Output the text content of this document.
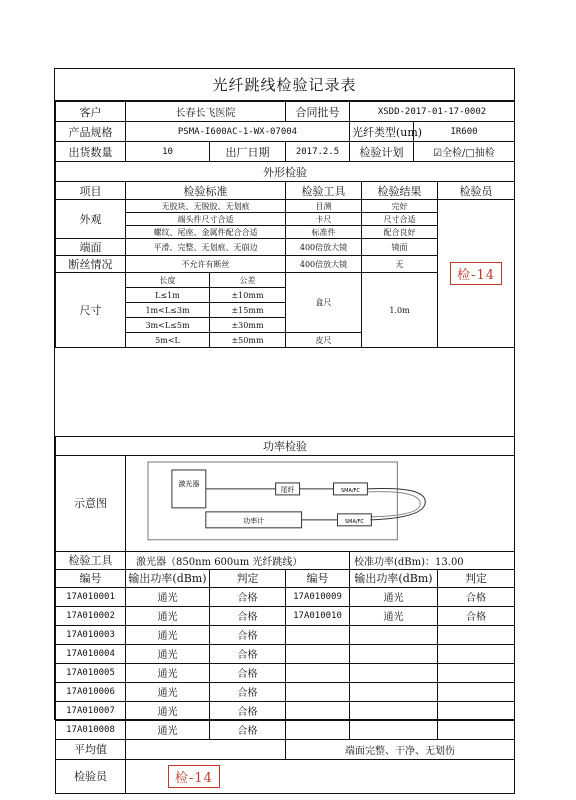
光纤跳线检验记录表
客户	长春长飞医院		合同批号	XSDD-2017-01-17-0002	
产品规格	PSMA-I600AC-1-WX-07004			光纤类型(um)	IR600
出货数量	10	出厂日期	2017.2.5	检验计划	☑全检/□抽检
外形检验					
项目	检验标准		检验工具	检验结果	检验员
外观	无胶块、无脱胶、无划痕		目测	完好	检-14
	端头件尺寸合适		卡尺	尺寸合适	
	螺纹、尾座、金属件配合合适		标准件	配合良好	
端面	平滑、完整、无划痕、无崩边		400倍放大镜	镜面	
断丝情况	不允许有断丝		400倍放大镜	无	
尺寸	长度	公差	盒尺	1.0m	
	L≤1m	±10mm			
	1m<L≤3m	±15mm			
	3m<L≤5m	±30mm			
	5m<L	±50mm	皮尺		
功率检验					
示意图	激光器
尾纤 SMA/FC
SMA/FC
功率计				

检验工具	激光器（850nm 600um 光纤跳线）			校准功率(dBm)：13.00	
编号	输出功率(dBm)	判定	编号	输出功率(dBm)	判定
17A010001	通光	合格	17A010009	通光	合格
17A010002	通光	合格	17A010010	通光	合格
17A010003	通光	合格			
17A010004	通光	合格			
17A010005	通光	合格			
17A010006	通光	合格			
17A010007	通光	合格			
17A010008	通光	合格			
平均值			端面完整、干净、无划伤		
检验员	检-14				
